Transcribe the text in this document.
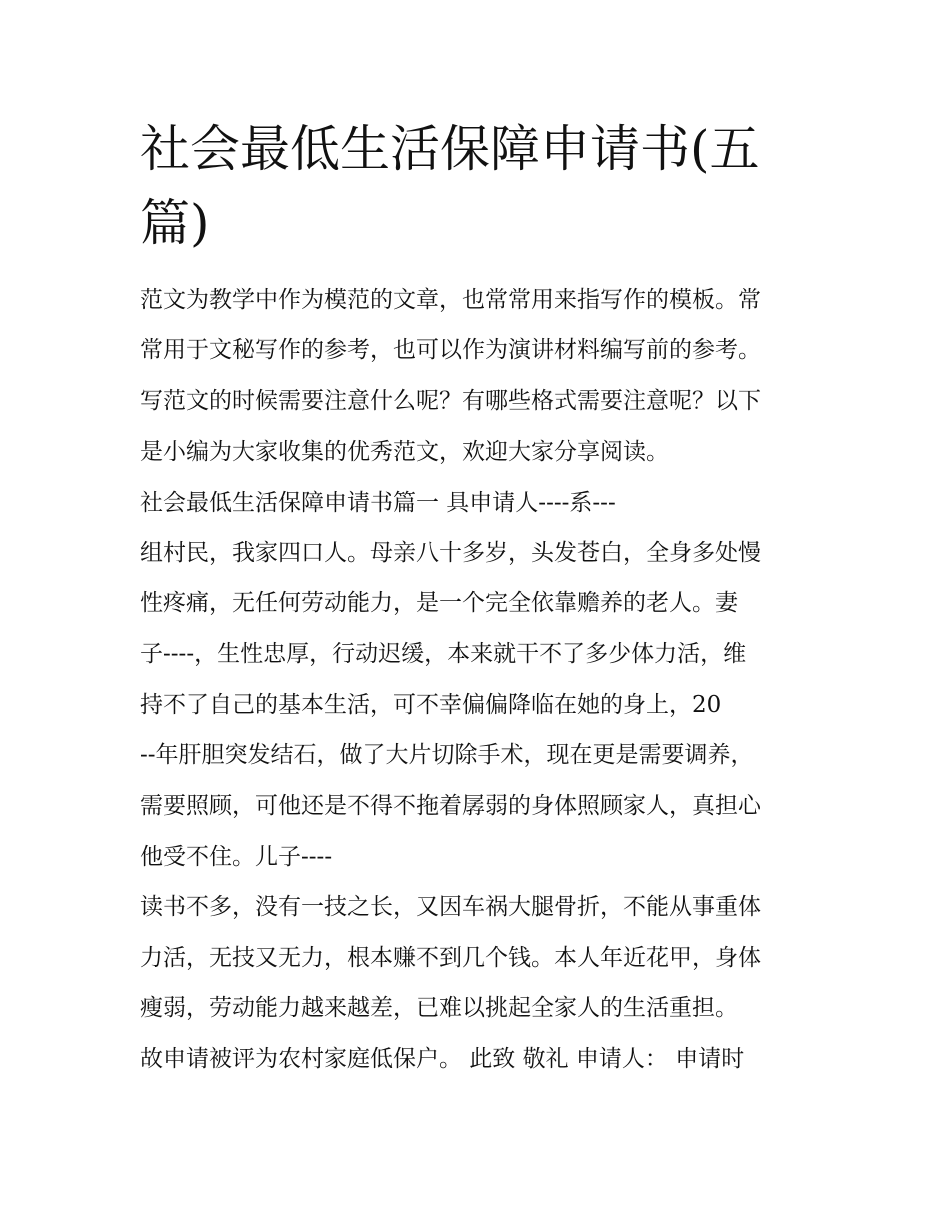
社会最低生活保障申请书(五
篇)

范文为教学中作为模范的文章，也常常用来指写作的模板。常

常用于文秘写作的参考，也可以作为演讲材料编写前的参考。

写范文的时候需要注意什么呢？有哪些格式需要注意呢？以下

是小编为大家收集的优秀范文，欢迎大家分享阅读。

社会最低生活保障申请书篇一 具申请人----系---

组村民，我家四口人。母亲八十多岁，头发苍白，全身多处慢

性疼痛，无任何劳动能力，是一个完全依靠赡养的老人。妻

子----，生性忠厚，行动迟缓，本来就干不了多少体力活，维

持不了自己的基本生活，可不幸偏偏降临在她的身上，20

--年肝胆突发结石，做了大片切除手术，现在更是需要调养，

需要照顾，可他还是不得不拖着孱弱的身体照顾家人，真担心

他受不住。儿子----

读书不多，没有一技之长，又因车祸大腿骨折，不能从事重体

力活，无技又无力，根本赚不到几个钱。本人年近花甲，身体

瘦弱，劳动能力越来越差，已难以挑起全家人的生活重担。

故申请被评为农村家庭低保户。 此致 敬礼 申请人： 申请时
